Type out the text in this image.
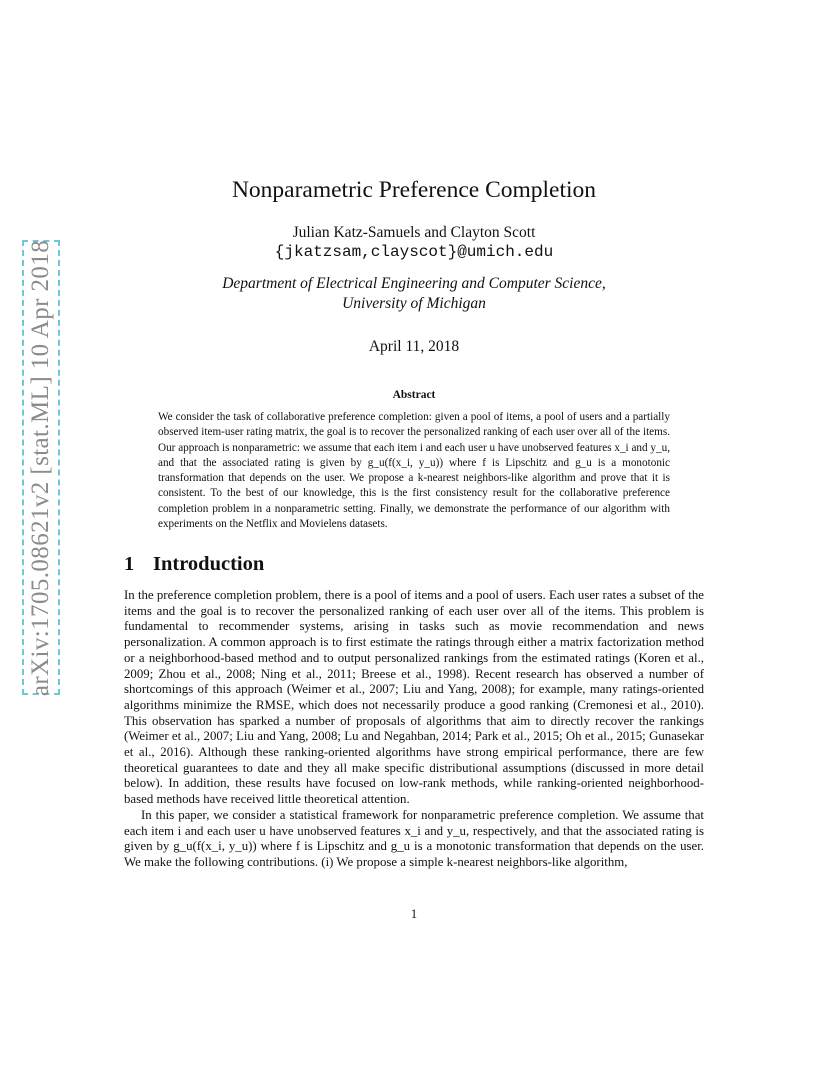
arXiv:1705.08621v2 [stat.ML] 10 Apr 2018
Nonparametric Preference Completion
Julian Katz-Samuels and Clayton Scott
{jkatzsam,clayscot}@umich.edu
Department of Electrical Engineering and Computer Science,
University of Michigan
April 11, 2018
Abstract
We consider the task of collaborative preference completion: given a pool of items, a pool of users and a partially observed item-user rating matrix, the goal is to recover the personalized ranking of each user over all of the items. Our approach is nonparametric: we assume that each item i and each user u have unobserved features x_i and y_u, and that the associated rating is given by g_u(f(x_i, y_u)) where f is Lipschitz and g_u is a monotonic transformation that depends on the user. We propose a k-nearest neighbors-like algorithm and prove that it is consistent. To the best of our knowledge, this is the first consistency result for the collaborative preference completion problem in a nonparametric setting. Finally, we demonstrate the performance of our algorithm with experiments on the Netflix and Movielens datasets.
1 Introduction

In the preference completion problem, there is a pool of items and a pool of users. Each user rates a subset of the items and the goal is to recover the personalized ranking of each user over all of the items. This problem is fundamental to recommender systems, arising in tasks such as movie recommendation and news personalization. A common approach is to first estimate the ratings through either a matrix factorization method or a neighborhood-based method and to output personalized rankings from the estimated ratings (Koren et al., 2009; Zhou et al., 2008; Ning et al., 2011; Breese et al., 1998). Recent research has observed a number of shortcomings of this approach (Weimer et al., 2007; Liu and Yang, 2008); for example, many ratings-oriented algorithms minimize the RMSE, which does not necessarily produce a good ranking (Cremonesi et al., 2010). This observation has sparked a number of proposals of algorithms that aim to directly recover the rankings (Weimer et al., 2007; Liu and Yang, 2008; Lu and Negahban, 2014; Park et al., 2015; Oh et al., 2015; Gunasekar et al., 2016). Although these ranking-oriented algorithms have strong empirical performance, there are few theoretical guarantees to date and they all make specific distributional assumptions (discussed in more detail below). In addition, these results have focused on low-rank methods, while ranking-oriented neighborhood-based methods have received little theoretical attention.

In this paper, we consider a statistical framework for nonparametric preference completion. We assume that each item i and each user u have unobserved features x_i and y_u, respectively, and that the associated rating is given by g_u(f(x_i, y_u)) where f is Lipschitz and g_u is a monotonic transformation that depends on the user. We make the following contributions. (i) We propose a simple k-nearest neighbors-like algorithm,

1
